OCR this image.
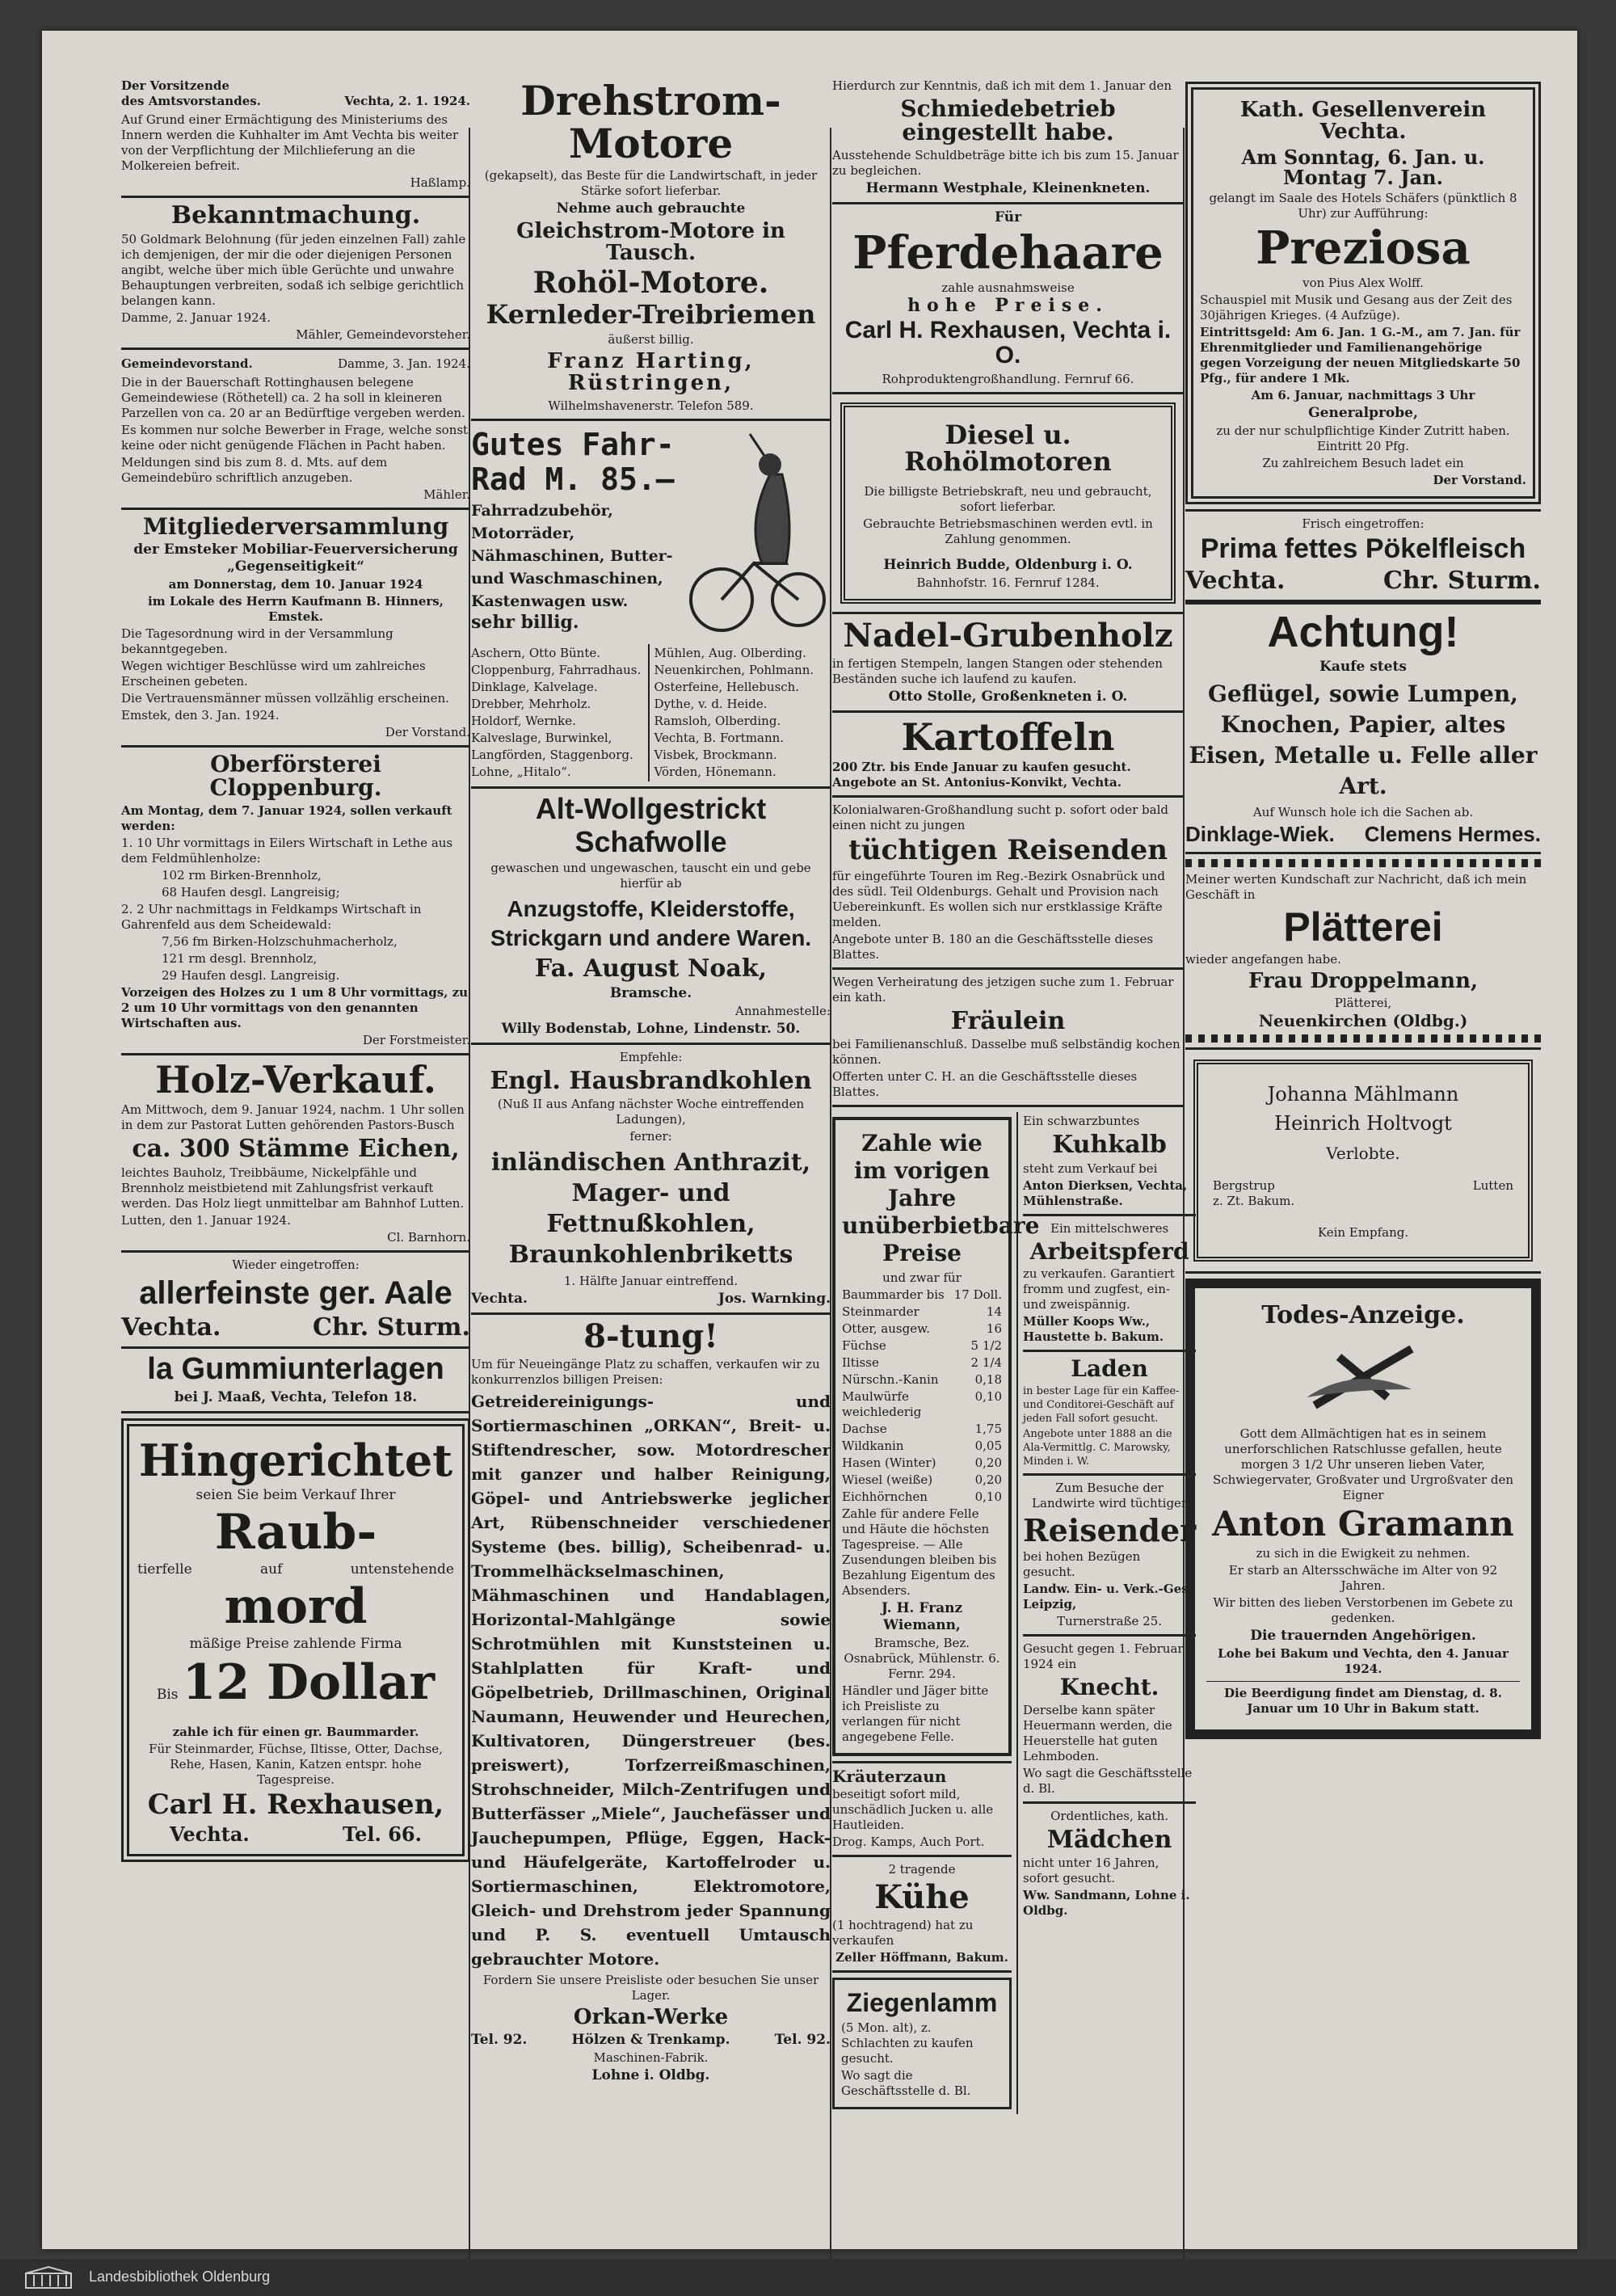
Der Vorsitzende
des Amtsvorstandes.	Vechta, 2. 1. 1924.
Auf Grund einer Ermächtigung des Ministeriums des Innern werden die Kuhhalter im Amt Vechta bis weiter von der Verpflichtung der Milchlieferung an die Molkereien befreit.
Haßlamp.
Bekanntmachung.
50 Goldmark Belohnung (für jeden einzelnen Fall) zahle ich demjenigen, der mir die oder diejenigen Personen angibt, welche über mich üble Gerüchte und unwahre Behauptungen verbreiten, sodaß ich selbige gerichtlich belangen kann.
Damme, 2. Januar 1924.
Mähler, Gemeindevorsteher.
Gemeindevorstand.	Damme, 3. Jan. 1924.
Die in der Bauerschaft Rottinghausen belegene Gemeindewiese (Röthetell) ca. 2 ha soll in kleineren Parzellen von ca. 20 ar an Bedürftige vergeben werden.
Es kommen nur solche Bewerber in Frage, welche sonst keine oder nicht genügende Flächen in Pacht haben.
Meldungen sind bis zum 8. d. Mts. auf dem Gemeindebüro schriftlich anzugeben.
Mähler.
Mitgliederversammlung
der Emsteker Mobiliar-Feuerversicherung „Gegenseitigkeit“
am Donnerstag, dem 10. Januar 1924
im Lokale des Herrn Kaufmann B. Hinners, Emstek.
Die Tagesordnung wird in der Versammlung bekanntgegeben.
Wegen wichtiger Beschlüsse wird um zahlreiches Erscheinen gebeten.
Die Vertrauensmänner müssen vollzählig erscheinen.
Emstek, den 3. Jan. 1924.
Der Vorstand.
Oberförsterei Cloppenburg.
Am Montag, dem 7. Januar 1924, sollen verkauft werden:
1. 10 Uhr vormittags in Eilers Wirtschaft in Lethe aus dem Feldmühlenholze:
102 rm Birken-Brennholz,
68 Haufen desgl. Langreisig;
2. 2 Uhr nachmittags in Feldkamps Wirtschaft in Gahrenfeld aus dem Scheidewald:
7,56 fm Birken-Holzschuhmacherholz,
121 rm desgl. Brennholz,
29 Haufen desgl. Langreisig.
Vorzeigen des Holzes zu 1 um 8 Uhr vormittags, zu 2 um 10 Uhr vormittags von den genannten Wirtschaften aus.
Der Forstmeister.
Holz-Verkauf.
Am Mittwoch, dem 9. Januar 1924, nachm. 1 Uhr sollen in dem zur Pastorat Lutten gehörenden Pastors-Busch
ca. 300 Stämme Eichen,
leichtes Bauholz, Treibbäume, Nickelpfähle und Brennholz meistbietend mit Zahlungsfrist verkauft werden. Das Holz liegt unmittelbar am Bahnhof Lutten.
Lutten, den 1. Januar 1924.
Cl. Barnhorn.
Wieder eingetroffen:
allerfeinste ger. Aale
Vechta.	Chr. Sturm.
la Gummiunterlagen
bei J. Maaß, Vechta, Telefon 18.
Hingerichtet
seien Sie beim Verkauf Ihrer
Raub-
tierfelle	auf	untenstehende
mord
mäßige Preise zahlende Firma
Bis 12 Dollar
zahle ich für einen gr. Baummarder.
Für Steinmarder, Füchse, Iltisse, Otter, Dachse, Rehe, Hasen, Kanin, Katzen entspr. hohe Tagespreise.
Carl H. Rexhausen,
Vechta.	Tel. 66.
Drehstrom-Motore
(gekapselt), das Beste für die Landwirtschaft, in jeder Stärke sofort lieferbar.
Nehme auch gebrauchte
Gleichstrom-Motore in Tausch.
Rohöl-Motore.
Kernleder-Treibriemen
äußerst billig.
Franz Harting, Rüstringen,
Wilhelmshavenerstr. Telefon 589.
Gutes Fahr-
Rad M. 85.–
Fahrradzubehör, Motorräder, Nähmaschinen, Butter- und Waschmaschinen, Kastenwagen usw.
sehr billig.
Aschern, Otto Bünte.
Cloppenburg, Fahrradhaus.
Dinklage, Kalvelage.
Drebber, Mehrholz.
Holdorf, Wernke.
Kalveslage, Burwinkel,
Langförden, Staggenborg.
Lohne, „Hitalo“.
Mühlen, Aug. Olberding.
Neuenkirchen, Pohlmann.
Osterfeine, Hellebusch.
Dythe, v. d. Heide.
Ramsloh, Olberding.
Vechta, B. Fortmann.
Visbek, Brockmann.
Vörden, Hönemann.
Alt-Wollgestrickt
Schafwolle
gewaschen und ungewaschen, tauscht ein und gebe hierfür ab
Anzugstoffe, Kleiderstoffe, Strickgarn und andere Waren.
Fa. August Noak,
Bramsche.
Annahmestelle:
Willy Bodenstab, Lohne, Lindenstr. 50.
Empfehle:
Engl. Hausbrandkohlen
(Nuß II aus Anfang nächster Woche eintreffenden Ladungen),
ferner:
inländischen Anthrazit, Mager- und Fettnußkohlen, Braunkohlenbriketts
1. Hälfte Januar eintreffend.
Vechta.	Jos. Warnking.
8-tung!
Um für Neueingänge Platz zu schaffen, verkaufen wir zu konkurrenzlos billigen Preisen:
Getreidereinigungs- und Sortiermaschinen „ORKAN“, Breit- u. Stiftendrescher, sow. Motordrescher mit ganzer und halber Reinigung, Göpel- und Antriebswerke jeglicher Art, Rübenschneider verschiedener Systeme (bes. billig), Scheibenrad- u. Trommelhäckselmaschinen, Mähmaschinen und Handablagen, Horizontal-Mahlgänge sowie Schrotmühlen mit Kunststeinen u. Stahlplatten für Kraft- und Göpelbetrieb, Drillmaschinen, Original Naumann, Heuwender und Heurechen, Kultivatoren, Düngerstreuer (bes. preiswert), Torfzerreißmaschinen, Strohschneider, Milch-Zentrifugen und Butterfässer „Miele“, Jauchefässer und Jauchepumpen, Pflüge, Eggen, Hack- und Häufelgeräte, Kartoffelroder u. Sortiermaschinen, Elektromotore, Gleich- und Drehstrom jeder Spannung und P. S. eventuell Umtausch gebrauchter Motore.
Fordern Sie unsere Preisliste oder besuchen Sie unser Lager.
Orkan-Werke
Tel. 92.	Hölzen & Trenkamp.	Tel. 92.
Maschinen-Fabrik.
Lohne i. Oldbg.
Hierdurch zur Kenntnis, daß ich mit dem 1. Januar den
Schmiedebetrieb eingestellt habe.
Ausstehende Schuldbeträge bitte ich bis zum 15. Januar zu begleichen.
Hermann Westphale, Kleinenkneten.
Für
Pferdehaare
zahle ausnahmsweise
hohe Preise.
Carl H. Rexhausen, Vechta i. O.
Rohproduktengroßhandlung. Fernruf 66.
Diesel u. Rohölmotoren
Die billigste Betriebskraft, neu und gebraucht, sofort lieferbar.
Gebrauchte Betriebsmaschinen werden evtl. in Zahlung genommen.
Heinrich Budde, Oldenburg i. O.
Bahnhofstr. 16. Fernruf 1284.
Nadel-Grubenholz
in fertigen Stempeln, langen Stangen oder stehenden Beständen suche ich laufend zu kaufen.
Otto Stolle, Großenkneten i. O.
Kartoffeln
200 Ztr. bis Ende Januar zu kaufen gesucht. Angebote an St. Antonius-Konvikt, Vechta.
Kolonialwaren-Großhandlung sucht p. sofort oder bald einen nicht zu jungen
tüchtigen Reisenden
für eingeführte Touren im Reg.-Bezirk Osnabrück und des südl. Teil Oldenburgs. Gehalt und Provision nach Uebereinkunft. Es wollen sich nur erstklassige Kräfte melden.
Angebote unter B. 180 an die Geschäftsstelle dieses Blattes.
Wegen Verheiratung des jetzigen suche zum 1. Februar ein kath.
Fräulein
bei Familienanschluß. Dasselbe muß selbständig kochen können.
Offerten unter C. H. an die Geschäftsstelle dieses Blattes.
Zahle wie im vorigen Jahre unüberbietbare Preise
und zwar für
Baummarder bis 17 Doll.
Steinmarder	14
Otter, ausgew.	16
Füchse	5 1/2
Iltisse	2 1/4
Nürschn.-Kanin	0,18
Maulwürfe weichlederig
0,10
Dachse	1,75
Wildkanin	0,05
Hasen (Winter)	0,20
Wiesel (weiße)	0,20
Eichhörnchen	0,10
Zahle für andere Felle und Häute die höchsten Tagespreise. — Alle Zusendungen bleiben bis Bezahlung Eigentum des Absenders.
J. H. Franz Wiemann,
Bramsche, Bez. Osnabrück, Mühlenstr. 6. Fernr. 294.
Händler und Jäger bitte ich Preisliste zu verlangen für nicht angegebene Felle.
Kräuterzaun
beseitigt sofort mild, unschädlich Jucken u. alle Hautleiden.
Drog. Kamps, Auch Port.
2 tragende
Kühe
(1 hochtragend) hat zu verkaufen
Zeller Höffmann, Bakum.
Ziegenlamm
(5 Mon. alt), z. Schlachten zu kaufen gesucht.
Wo sagt die Geschäftsstelle d. Bl.
Ein schwarzbuntes
Kuhkalb
steht zum Verkauf bei
Anton Dierksen, Vechta, Mühlenstraße.
Ein mittelschweres
Arbeitspferd
zu verkaufen. Garantiert fromm und zugfest, ein- und zweispännig.
Müller Koops Ww., Haustette b. Bakum.
Laden
in bester Lage für ein Kaffee- und Conditorei-Geschäft auf jeden Fall sofort gesucht.
Angebote unter 1888 an die Ala-Vermittlg. C. Marowsky, Minden i. W.
Zum Besuche der Landwirte wird tüchtiger
Reisender
bei hohen Bezügen gesucht.
Landw. Ein- u. Verk.-Ges. Leipzig,
Turnerstraße 25.
Gesucht gegen 1. Februar 1924 ein
Knecht.
Derselbe kann später Heuermann werden, die Heuerstelle hat guten Lehmboden.
Wo sagt die Geschäftsstelle d. Bl.
Ordentliches, kath.
Mädchen
nicht unter 16 Jahren, sofort gesucht.
Ww. Sandmann, Lohne i. Oldbg.
Kath. Gesellenverein Vechta.
Am Sonntag, 6. Jan. u. Montag 7. Jan.
gelangt im Saale des Hotels Schäfers (pünktlich 8 Uhr) zur Aufführung:
Preziosa
von Pius Alex Wolff.
Schauspiel mit Musik und Gesang aus der Zeit des 30jährigen Krieges. (4 Aufzüge).
Eintrittsgeld: Am 6. Jan. 1 G.-M., am 7. Jan. für Ehrenmitglieder und Familienangehörige gegen Vorzeigung der neuen Mitgliedskarte 50 Pfg., für andere 1 Mk.
Am 6. Januar, nachmittags 3 Uhr
Generalprobe,
zu der nur schulpflichtige Kinder Zutritt haben. Eintritt 20 Pfg.
Zu zahlreichem Besuch ladet ein
Der Vorstand.
Frisch eingetroffen:
Prima fettes Pökelfleisch
Vechta.	Chr. Sturm.
Achtung!
Kaufe stets
Geflügel, sowie Lumpen, Knochen, Papier, altes Eisen, Metalle u. Felle aller Art.
Auf Wunsch hole ich die Sachen ab.
Dinklage-Wiek. Clemens Hermes.
Meiner werten Kundschaft zur Nachricht, daß ich mein Geschäft in
Plätterei
wieder angefangen habe.
Frau Droppelmann,
Plätterei,
Neuenkirchen (Oldbg.)
Johanna Mählmann
Heinrich Holtvogt
Verlobte.
Bergstrup
z. Zt. Bakum.
Lutten
Kein Empfang.
Todes-Anzeige.
Gott dem Allmächtigen hat es in seinem unerforschlichen Ratschlusse gefallen, heute morgen 3 1/2 Uhr unseren lieben Vater, Schwiegervater, Großvater und Urgroßvater den Eigner
Anton Gramann
zu sich in die Ewigkeit zu nehmen.
Er starb an Altersschwäche im Alter von 92 Jahren.
Wir bitten des lieben Verstorbenen im Gebete zu gedenken.
Die trauernden Angehörigen.
Lohe bei Bakum und Vechta, den 4. Januar 1924.
Die Beerdigung findet am Dienstag, d. 8. Januar um 10 Uhr in Bakum statt.
Landesbibliothek Oldenburg
